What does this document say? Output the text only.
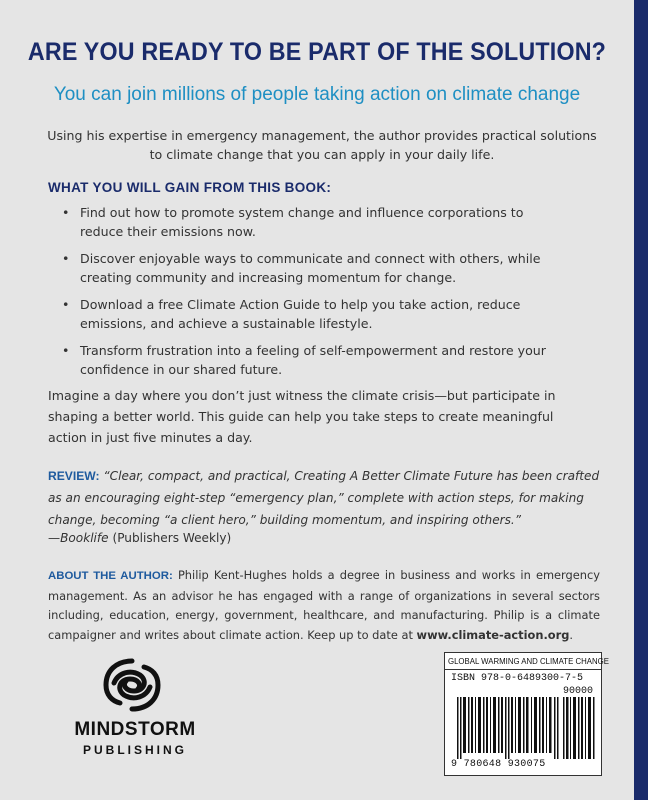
ARE YOU READY TO BE PART OF THE SOLUTION?
You can join millions of people taking action on climate change
Using his expertise in emergency management, the author provides practical solutions to climate change that you can apply in your daily life.
WHAT YOU WILL GAIN FROM THIS BOOK:
• Find out how to promote system change and influence corporations to reduce their emissions now.
• Discover enjoyable ways to communicate and connect with others, while creating community and increasing momentum for change.
• Download a free Climate Action Guide to help you take action, reduce emissions, and achieve a sustainable lifestyle.
• Transform frustration into a feeling of self-empowerment and restore your confidence in our shared future.
Imagine a day where you don’t just witness the climate crisis—but participate in shaping a better world. This guide can help you take steps to create meaningful action in just five minutes a day.
REVIEW: “Clear, compact, and practical, Creating A Better Climate Future has been crafted as an encouraging eight-step “emergency plan,” complete with action steps, for making change, becoming “a client hero,” building momentum, and inspiring others.”
—Booklife (Publishers Weekly)
ABOUT THE AUTHOR: Philip Kent-Hughes holds a degree in business and works in emergency management. As an advisor he has engaged with a range of organizations in several sectors including, education, energy, government, healthcare, and manufacturing. Philip is a climate campaigner and writes about climate action. Keep up to date at www.climate-action.org.
MINDSTORM
PUBLISHING
GLOBAL WARMING AND CLIMATE CHANGE
ISBN 978-0-6489300-7-5
90000
9 780648 930075
